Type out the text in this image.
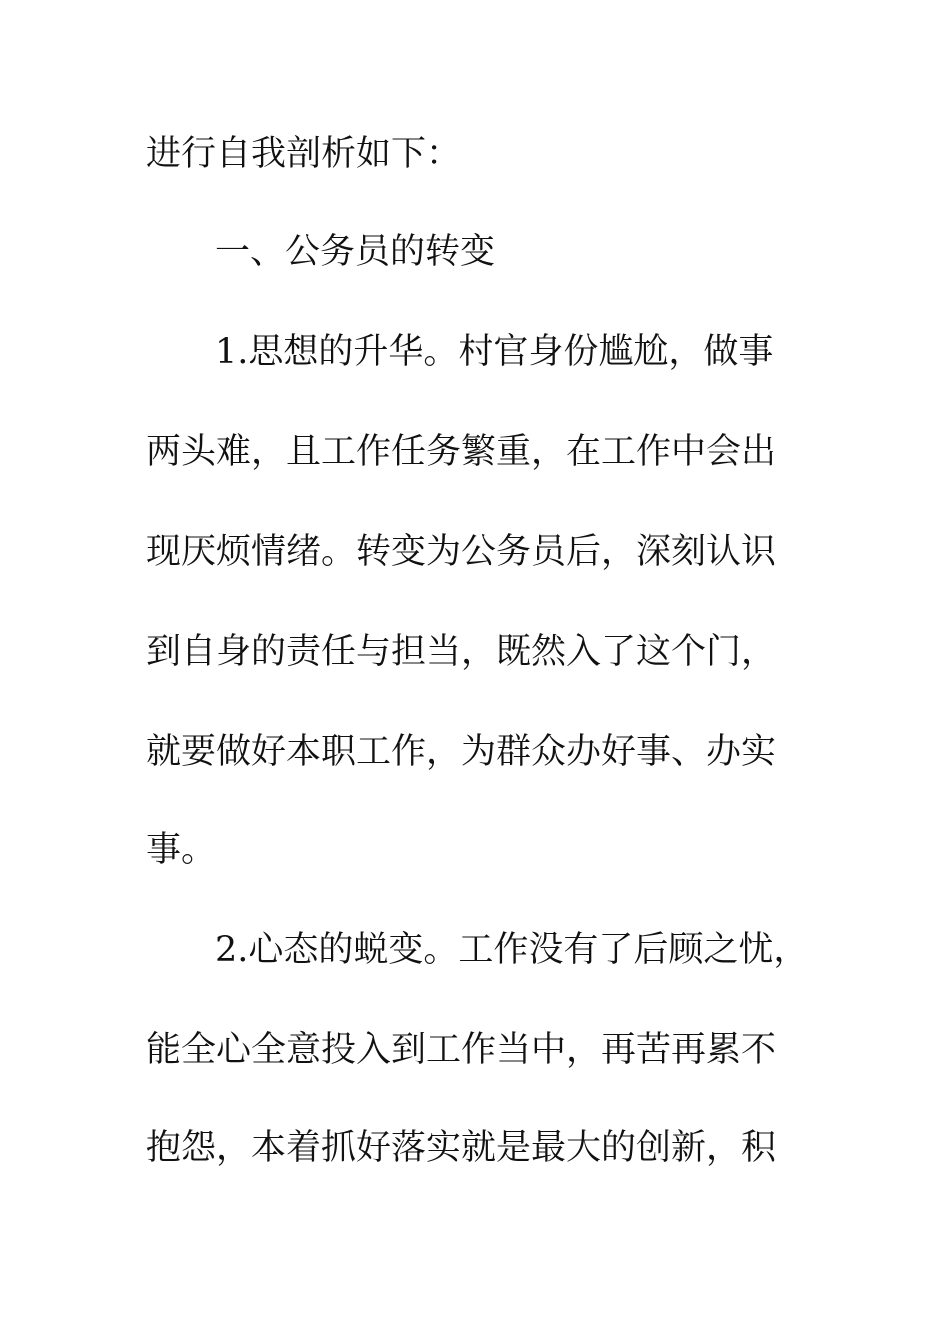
进行自我剖析如下：
一、公务员的转变
1.思想的升华。村官身份尴尬，做事
两头难，且工作任务繁重，在工作中会出
现厌烦情绪。转变为公务员后，深刻认识
到自身的责任与担当，既然入了这个门，
就要做好本职工作，为群众办好事、办实
事。
2.心态的蜕变。工作没有了后顾之忧，
能全心全意投入到工作当中，再苦再累不
抱怨，本着抓好落实就是最大的创新，积
